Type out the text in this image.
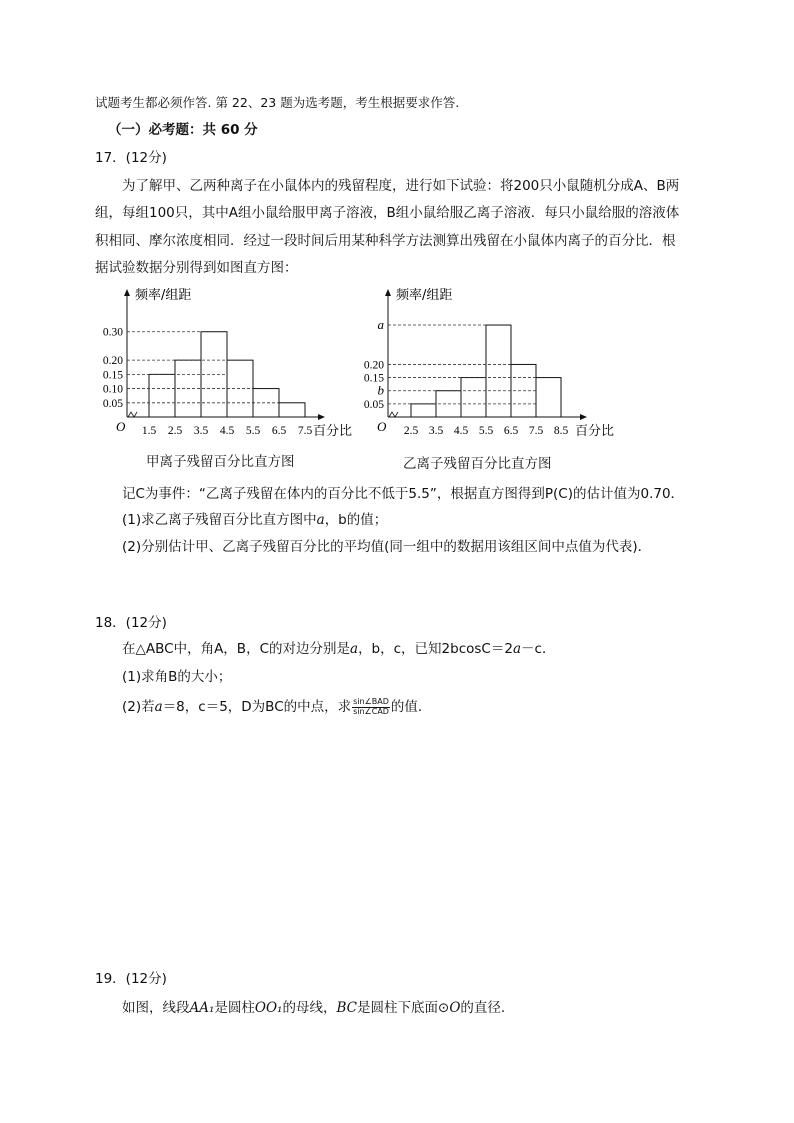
试题考生都必须作答. 第 22、23 题为选考题，考生根据要求作答.
（一）必考题：共 60 分
17．(12分)
为了解甲、乙两种离子在小鼠体内的残留程度，进行如下试验：将200只小鼠随机分成A、B两
组，每组100只，其中A组小鼠给服甲离子溶液，B组小鼠给服乙离子溶液．每只小鼠给服的溶液体
积相同、摩尔浓度相同．经过一段时间后用某种科学方法测算出残留在小鼠体内离子的百分比．根
据试验数据分别得到如图直方图：
频率/组距
O
0.30
0.20
0.15
0.10
0.05
1.5 2.5 3.5 4.5 5.5 6.5 7.5 百分比
频率/组距
O
a
0.20
0.15
b
0.05
2.5 3.5 4.5 5.5 6.5 7.5 8.5 百分比
甲离子残留百分比直方图	乙离子残留百分比直方图
记C为事件：“乙离子残留在体内的百分比不低于5.5”，根据直方图得到P(C)的估计值为0.70．
(1)求乙离子残留百分比直方图中a，b的值；
(2)分别估计甲、乙离子残留百分比的平均值(同一组中的数据用该组区间中点值为代表)．
18．(12分)
在△ABC中，角A，B，C的对边分别是a，b，c，已知2bcosC＝2a－c．
(1)求角B的大小；
(2)若a＝8，c＝5，D为BC的中点，求 $\frac{\text{sin∠BAD}}{\text{sin∠CAD}}$ 的值．
19．(12分)
如图，线段AA₁是圆柱OO₁的母线，BC是圆柱下底面⊙O的直径.
